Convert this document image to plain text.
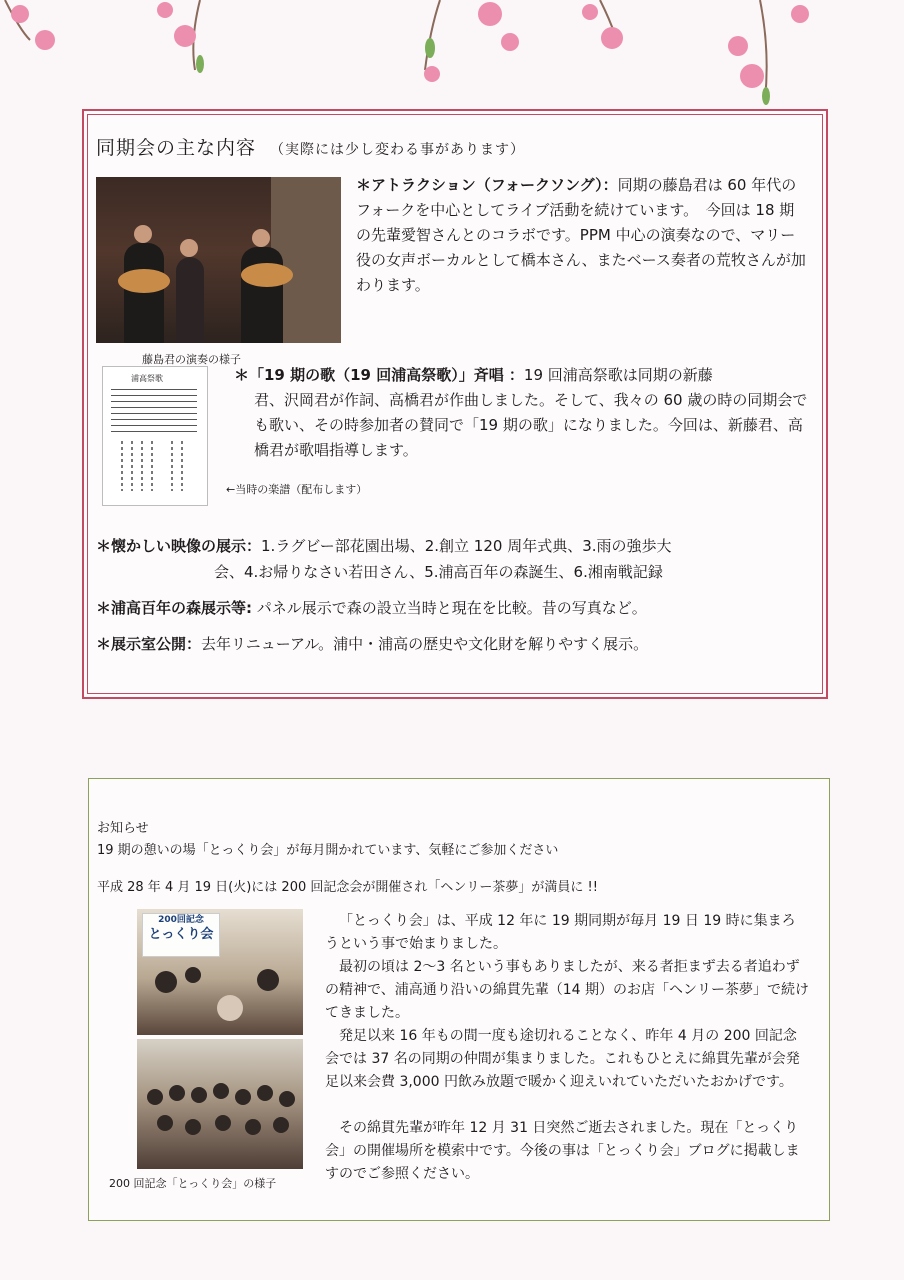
同期会の主な内容 （実際には少し変わる事があります）
藤島君の演奏の様子
＊アトラクション（フォークソング）：同期の藤島君は 60 年代のフォークを中心としてライブ活動を続けています。　今回は 18 期の先輩愛智さんとのコラボです。PPM 中心の演奏なので、マリー役の女声ボーカルとして橋本さん、またベース奏者の荒牧さんが加わります。
浦高祭歌
←当時の楽譜（配布します）
＊「19 期の歌（19 回浦高祭歌）」斉唱 ：19 回浦高祭歌は同期の新藤
君、沢岡君が作詞、高橋君が作曲しました。そして、我々の 60 歳の時の同期会でも歌い、その時参加者の賛同で「19 期の歌」になりました。今回は、新藤君、高橋君が歌唱指導します。
＊懐かしい映像の展示：1.ラグビー部花園出場、2.創立 120 周年式典、3.雨の強歩大
会、4.お帰りなさい若田さん、5.浦高百年の森誕生、6.湘南戦記録
＊浦高百年の森展示等: パネル展示で森の設立当時と現在を比較。昔の写真など。
＊展示室公開：去年リニューアル。浦中・浦高の歴史や文化財を解りやすく展示。
お知らせ
19 期の憩いの場「とっくり会」が毎月開かれています、気軽にご参加ください
平成 28 年 4 月 19 日(火)には 200 回記念会が開催され「ヘンリー茶夢」が満員に !!
200回記念
とっくり会
200 回記念「とっくり会」の様子

「とっくり会」は、平成 12 年に 19 期同期が毎月 19 日 19 時に集まろうという事で始まりました。

最初の頃は 2～3 名という事もありましたが、来る者拒まず去る者追わずの精神で、浦高通り沿いの綿貫先輩（14 期）のお店「ヘンリー茶夢」で続けてきました。

発足以来 16 年もの間一度も途切れることなく、昨年 4 月の 200 回記念会では 37 名の同期の仲間が集まりました。これもひとえに綿貫先輩が会発足以来会費 3,000 円飲み放題で暖かく迎えいれていただいたおかげです。

その綿貫先輩が昨年 12 月 31 日突然ご逝去されました。現在「とっくり会」の開催場所を模索中です。今後の事は「とっくり会」ブログに掲載しますのでご参照ください。
